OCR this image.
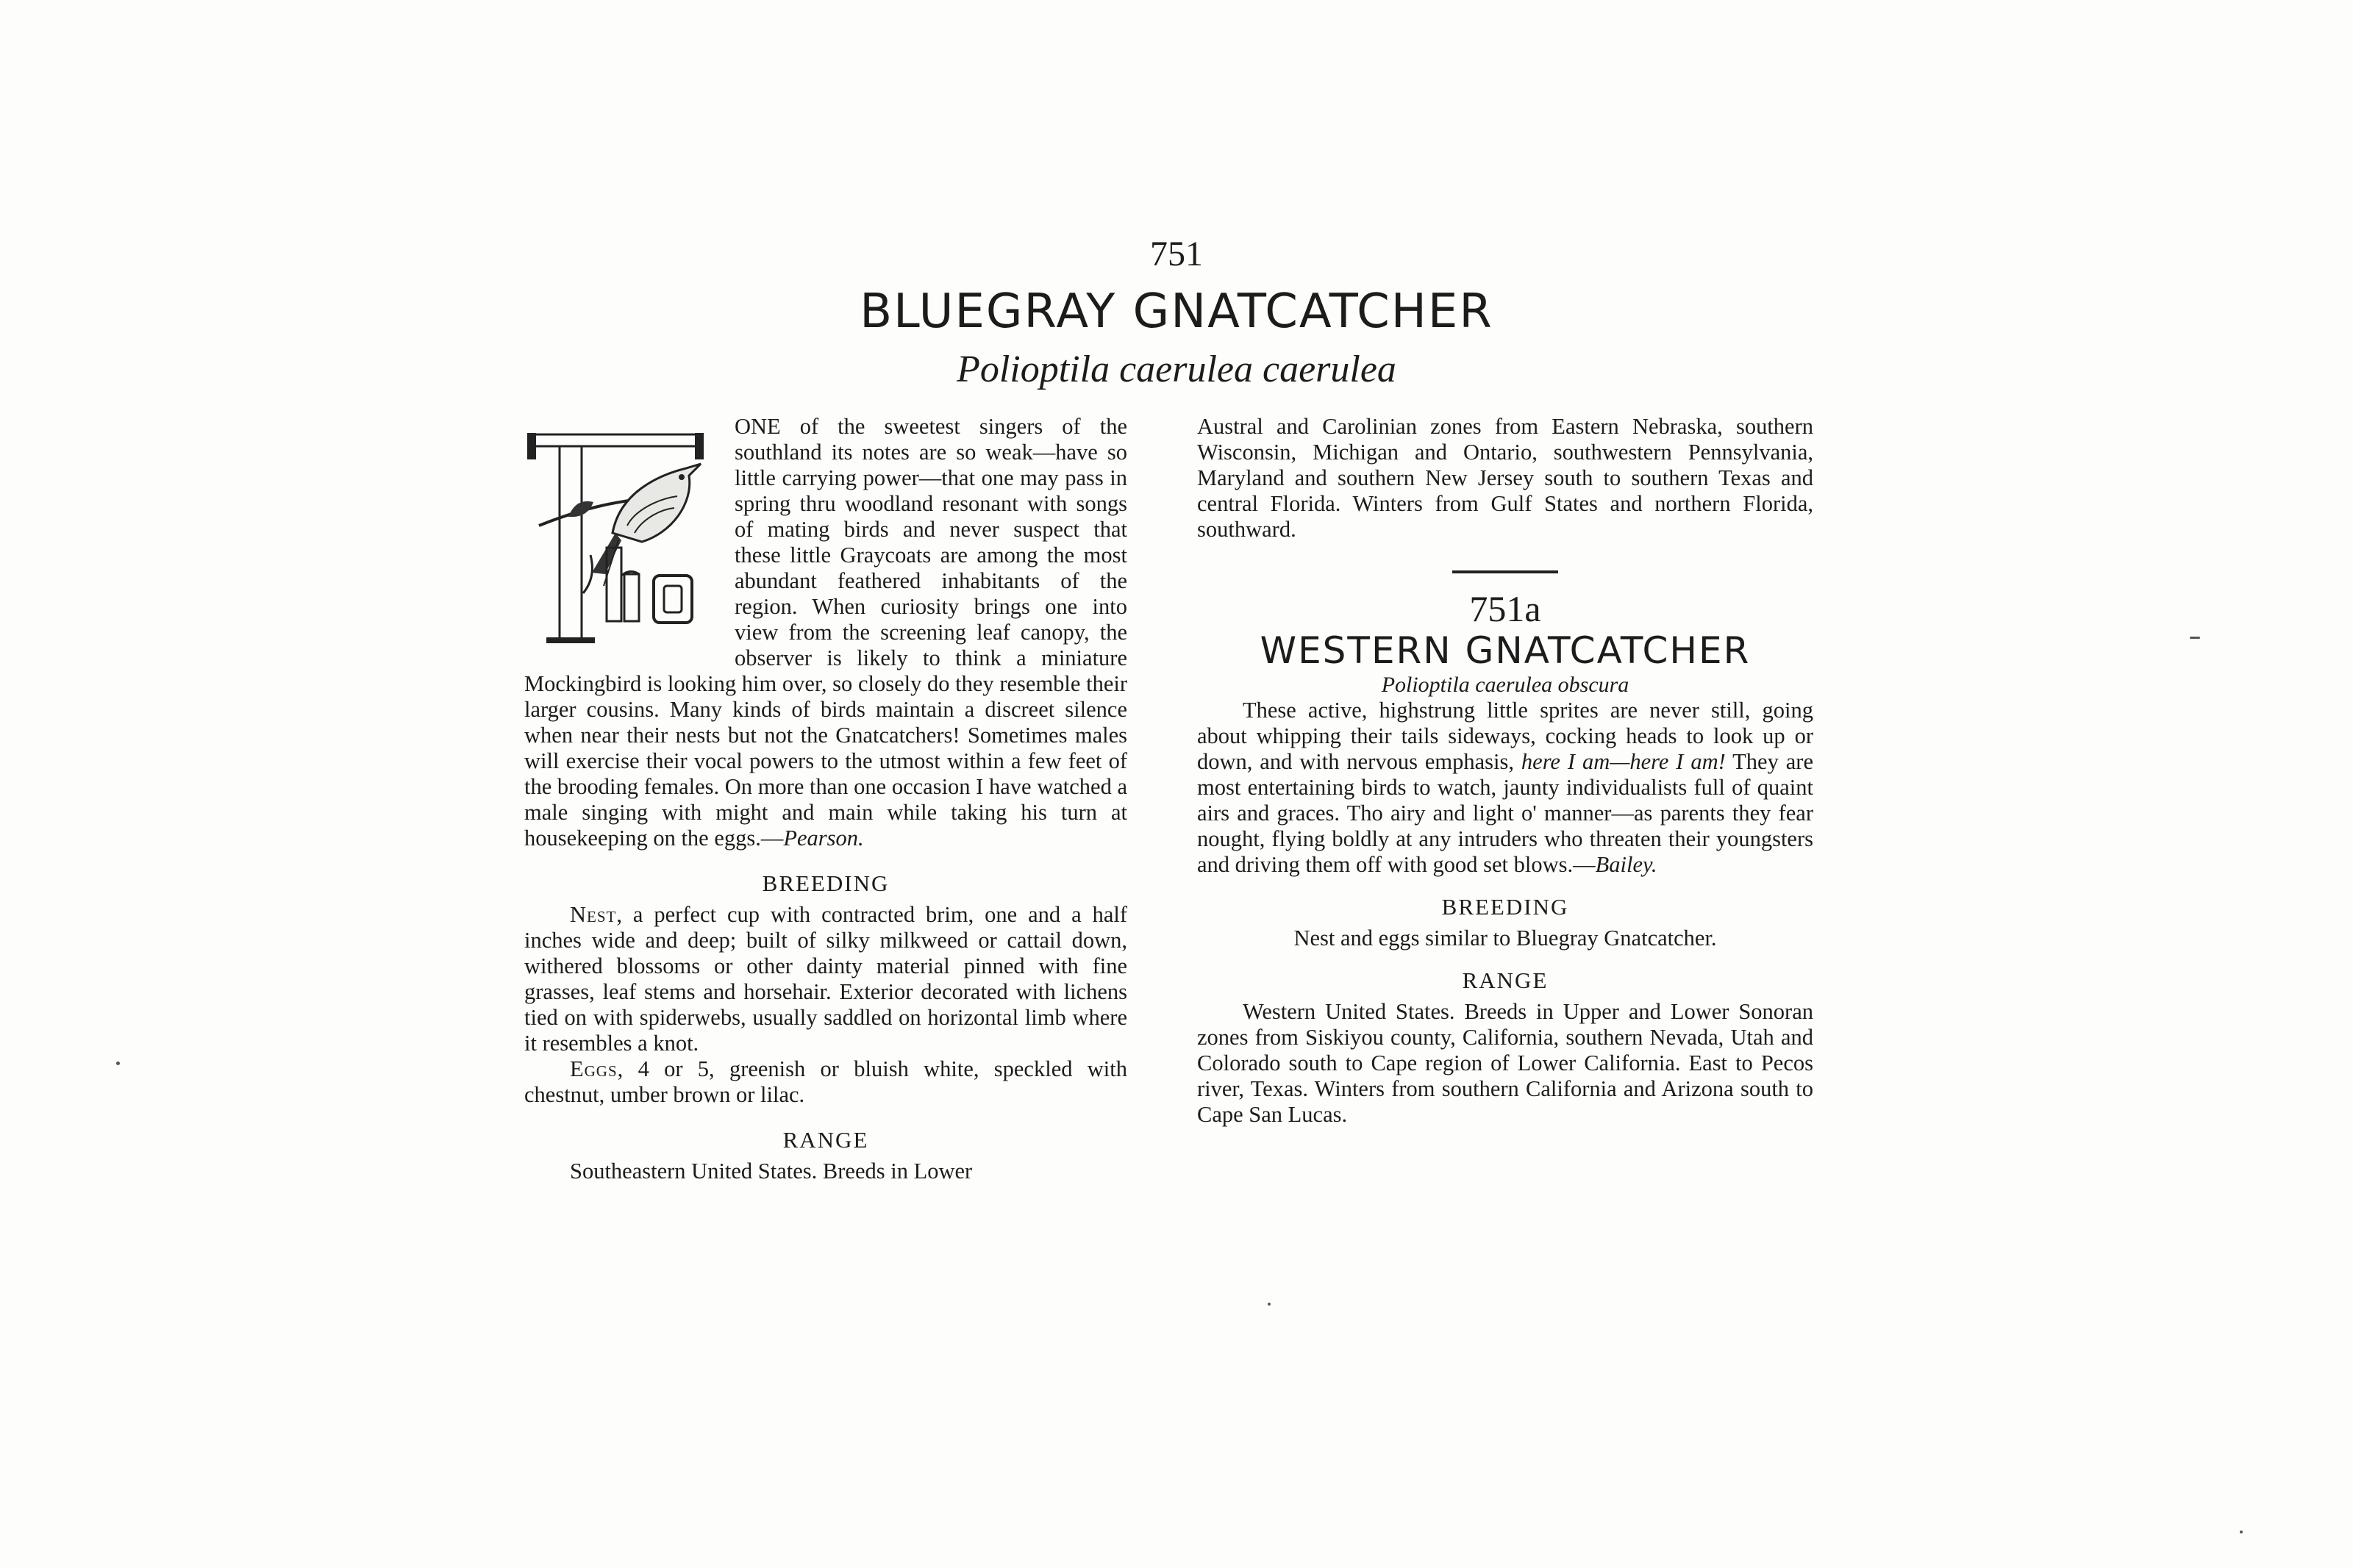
751
BLUEGRAY GNATCATCHER
Polioptila caerulea caerulea

ONE of the sweetest singers of the southland its notes are so weak—have so little carrying power—that one may pass in spring thru woodland resonant with songs of mating birds and never suspect that these little Graycoats are among the most abundant feathered inhabitants of the region. When curiosity brings one into view from the screening leaf canopy, the observer is likely to think a miniature Mockingbird is looking him over, so closely do they resemble their larger cousins. Many kinds of birds maintain a discreet silence when near their nests but not the Gnatcatchers! Sometimes males will exercise their vocal powers to the utmost within a few feet of the brooding females. On more than one occasion I have watched a male singing with might and main while taking his turn at housekeeping on the eggs.—Pearson.

BREEDING

Nest, a perfect cup with contracted brim, one and a half inches wide and deep; built of silky milkweed or cattail down, withered blossoms or other dainty material pinned with fine grasses, leaf stems and horsehair. Exterior decorated with lichens tied on with spiderwebs, usually saddled on horizontal limb where it resembles a knot.

Eggs, 4 or 5, greenish or bluish white, speckled with chestnut, umber brown or lilac.

RANGE

Southeastern United States. Breeds in Lower

Austral and Carolinian zones from Eastern Nebraska, southern Wisconsin, Michigan and Ontario, southwestern Pennsylvania, Maryland and southern New Jersey south to southern Texas and central Florida. Winters from Gulf States and northern Florida, southward.

751a

WESTERN GNATCATCHER

Polioptila caerulea obscura

These active, highstrung little sprites are never still, going about whipping their tails sideways, cocking heads to look up or down, and with nervous emphasis, here I am—here I am! They are most entertaining birds to watch, jaunty individualists full of quaint airs and graces. Tho airy and light o' manner—as parents they fear nought, flying boldly at any intruders who threaten their youngsters and driving them off with good set blows.—Bailey.

BREEDING

Nest and eggs similar to Bluegray Gnatcatcher.

RANGE

Western United States. Breeds in Upper and Lower Sonoran zones from Siskiyou county, California, southern Nevada, Utah and Colorado south to Cape region of Lower California. East to Pecos river, Texas. Winters from southern California and Arizona south to Cape San Lucas.
